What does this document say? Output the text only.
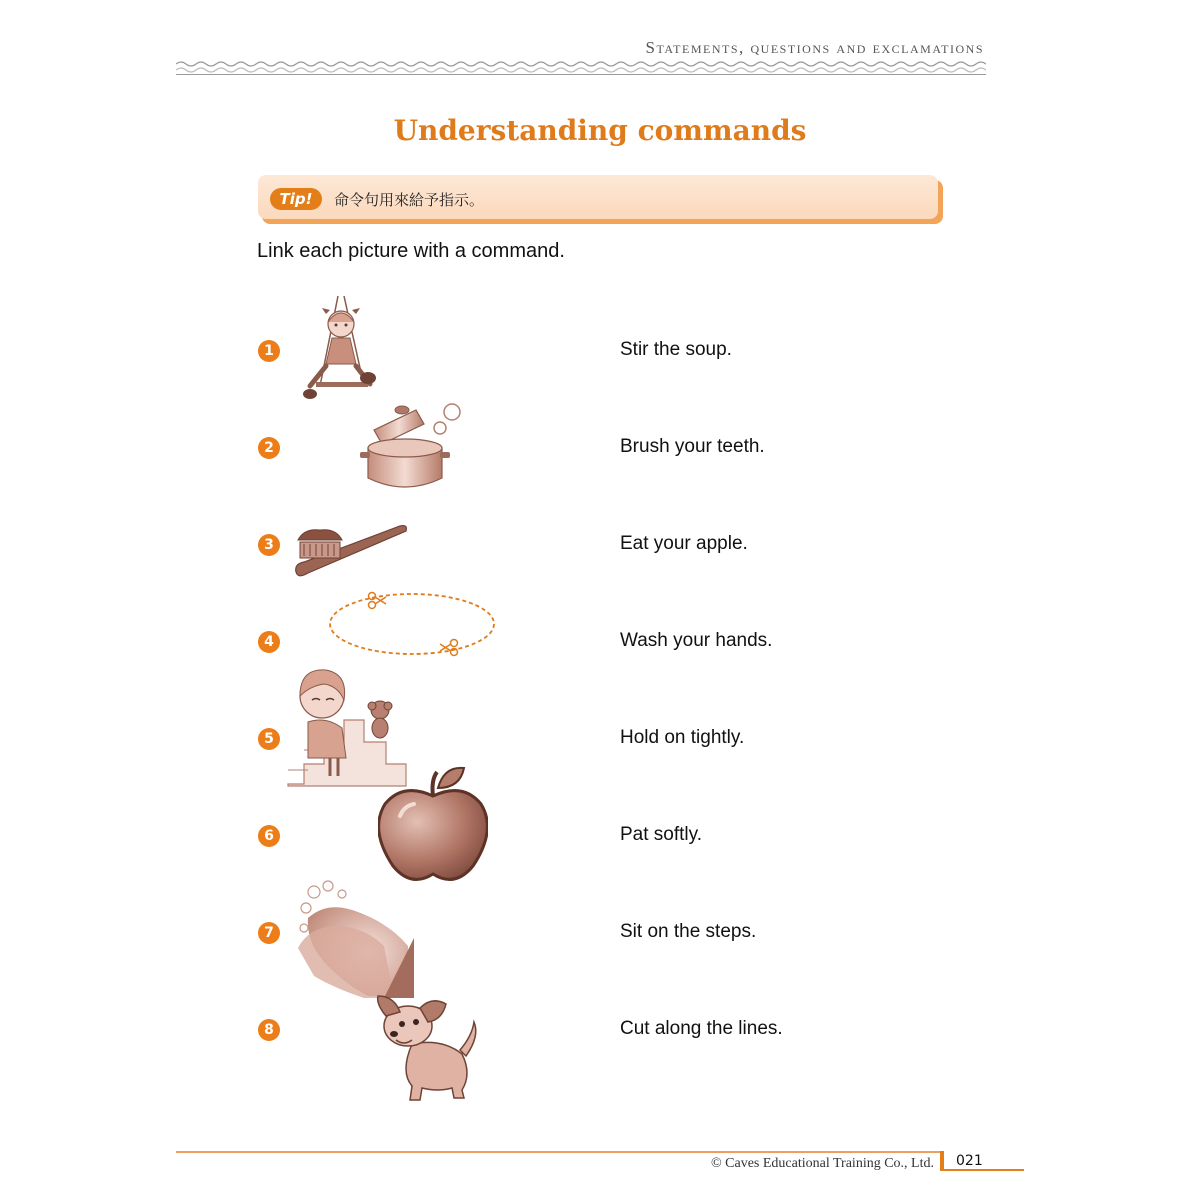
Statements, questions and exclamations
Understanding commands
Tip!	命令句用來給予指示。
Link each picture with a command.
1
2
3
4
5
6
7
8
Stir the soup.
Brush your teeth.
Eat your apple.
Wash your hands.
Hold on tightly.
Pat softly.
Sit on the steps.
Cut along the lines.
© Caves Educational Training Co., Ltd. 021
